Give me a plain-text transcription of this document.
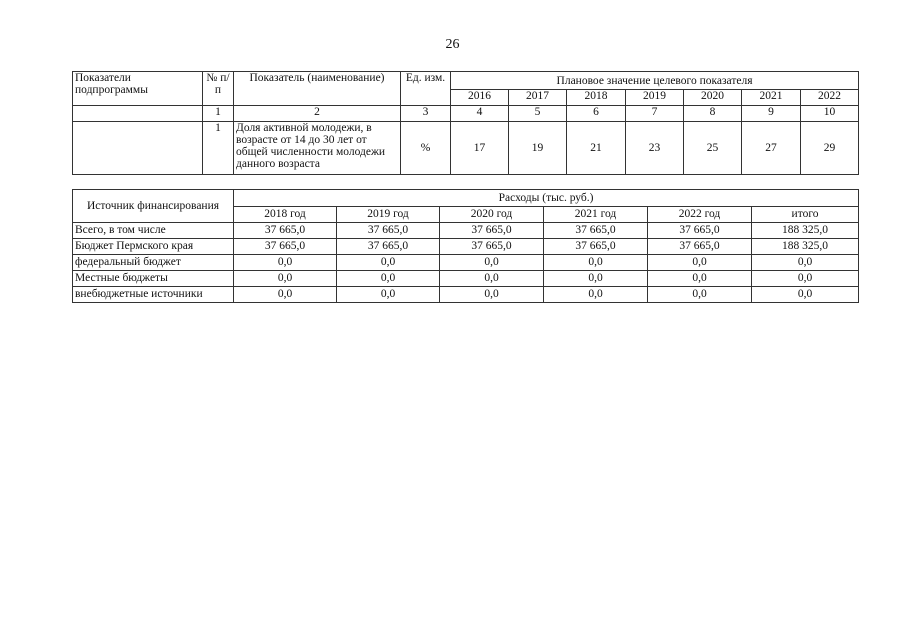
26
Показатели подпрограммы	№ п/п	Показатель (наименование)	Ед. изм.	Плановое значение целевого показателя						
				2016	2017	2018	2019	2020	2021	2022
	1	2	3	4	5	6	7	8	9	10
	1	Доля активной молодежи, в возрасте от 14 до 30 лет от общей численности молодежи данного возраста	%	17	19	21	23	25	27	29
Источник финансирования	Расходы (тыс. руб.)					
	2018 год	2019 год	2020 год	2021 год	2022 год	итого
Всего, в том числе	37 665,0	37 665,0	37 665,0	37 665,0	37 665,0	188 325,0
Бюджет Пермского края	37 665,0	37 665,0	37 665,0	37 665,0	37 665,0	188 325,0
федеральный бюджет	0,0	0,0	0,0	0,0	0,0	0,0
Местные бюджеты	0,0	0,0	0,0	0,0	0,0	0,0
внебюджетные источники	0,0	0,0	0,0	0,0	0,0	0,0
